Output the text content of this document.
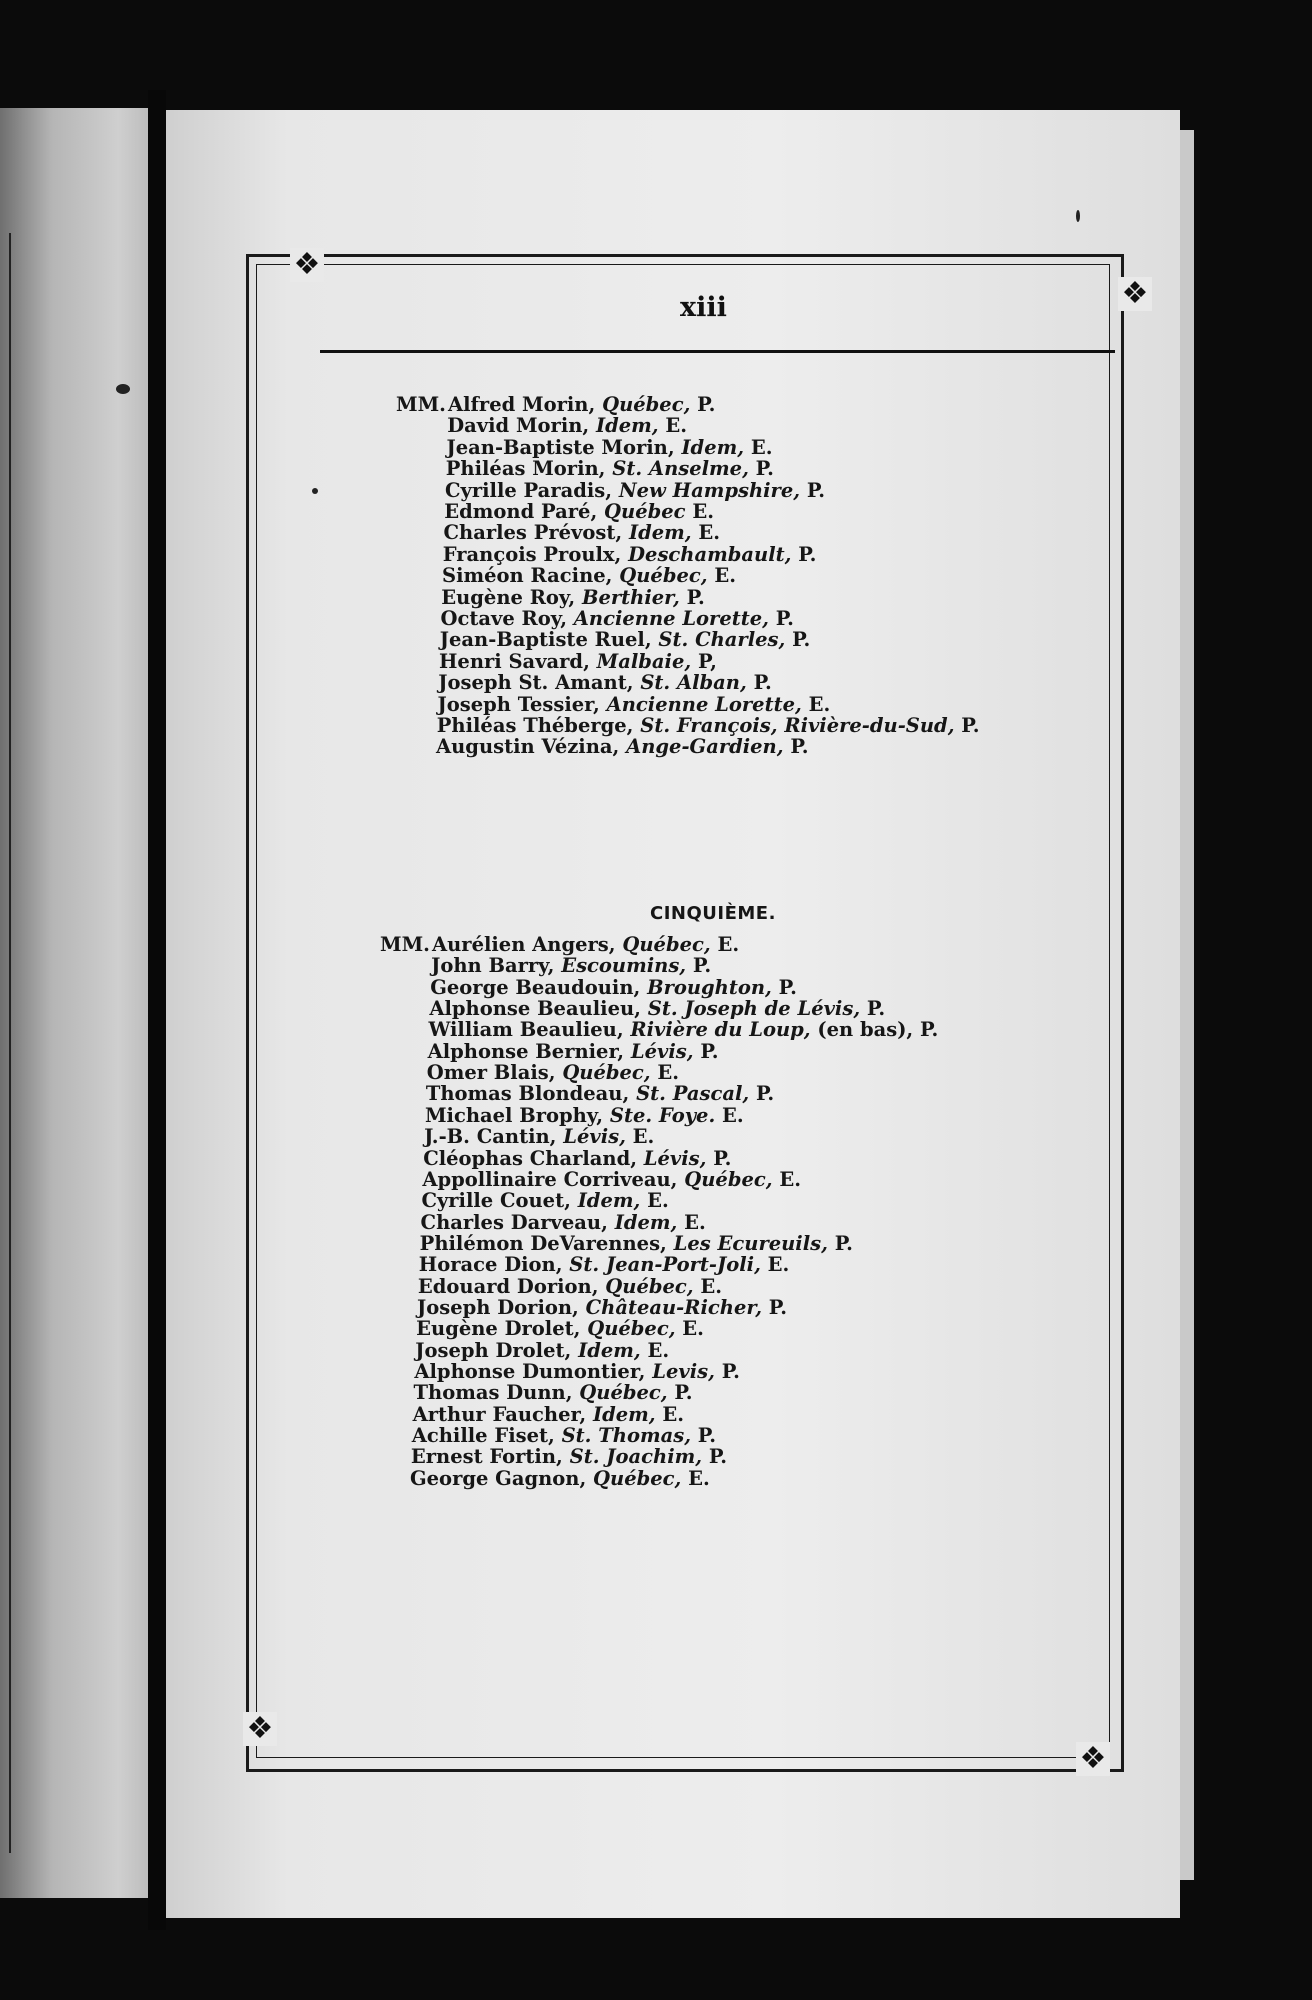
❖
❖
❖
❖
xiii
MM. Alfred Morin, Québec, P.
David Morin, Idem, E.
Jean-Baptiste Morin, Idem, E.
Philéas Morin, St. Anselme, P.
Cyrille Paradis, New Hampshire, P.
Edmond Paré, Québec E.
Charles Prévost, Idem, E.
François Proulx, Deschambault, P.
Siméon Racine, Québec, E.
Eugène Roy, Berthier, P.
Octave Roy, Ancienne Lorette, P.
Jean-Baptiste Ruel, St. Charles, P.
Henri Savard, Malbaie, P,
Joseph St. Amant, St. Alban, P.
Joseph Tessier, Ancienne Lorette, E.
Philéas Théberge, St. François, Rivière-du-Sud, P.
Augustin Vézina, Ange-Gardien, P.
MM. Aurélien Angers, Québec, E.
John Barry, Escoumins, P.
George Beaudouin, Broughton, P.
Alphonse Beaulieu, St. Joseph de Lévis, P.
William Beaulieu, Rivière du Loup, (en bas), P.
Alphonse Bernier, Lévis, P.
Omer Blais, Québec, E.
Thomas Blondeau, St. Pascal, P.
Michael Brophy, Ste. Foye. E.
J.-B. Cantin, Lévis, E.
Cléophas Charland, Lévis, P.
Appollinaire Corriveau, Québec, E.
Cyrille Couet, Idem, E.
Charles Darveau, Idem, E.
Philémon DeVarennes, Les Ecureuils, P.
Horace Dion, St. Jean-Port-Joli, E.
Edouard Dorion, Québec, E.
Joseph Dorion, Château-Richer, P.
Eugène Drolet, Québec, E.
Joseph Drolet, Idem, E.
Alphonse Dumontier, Levis, P.
Thomas Dunn, Québec, P.
Arthur Faucher, Idem, E.
Achille Fiset, St. Thomas, P.
Ernest Fortin, St. Joachim, P.
George Gagnon, Québec, E.
CINQUIÈME.
